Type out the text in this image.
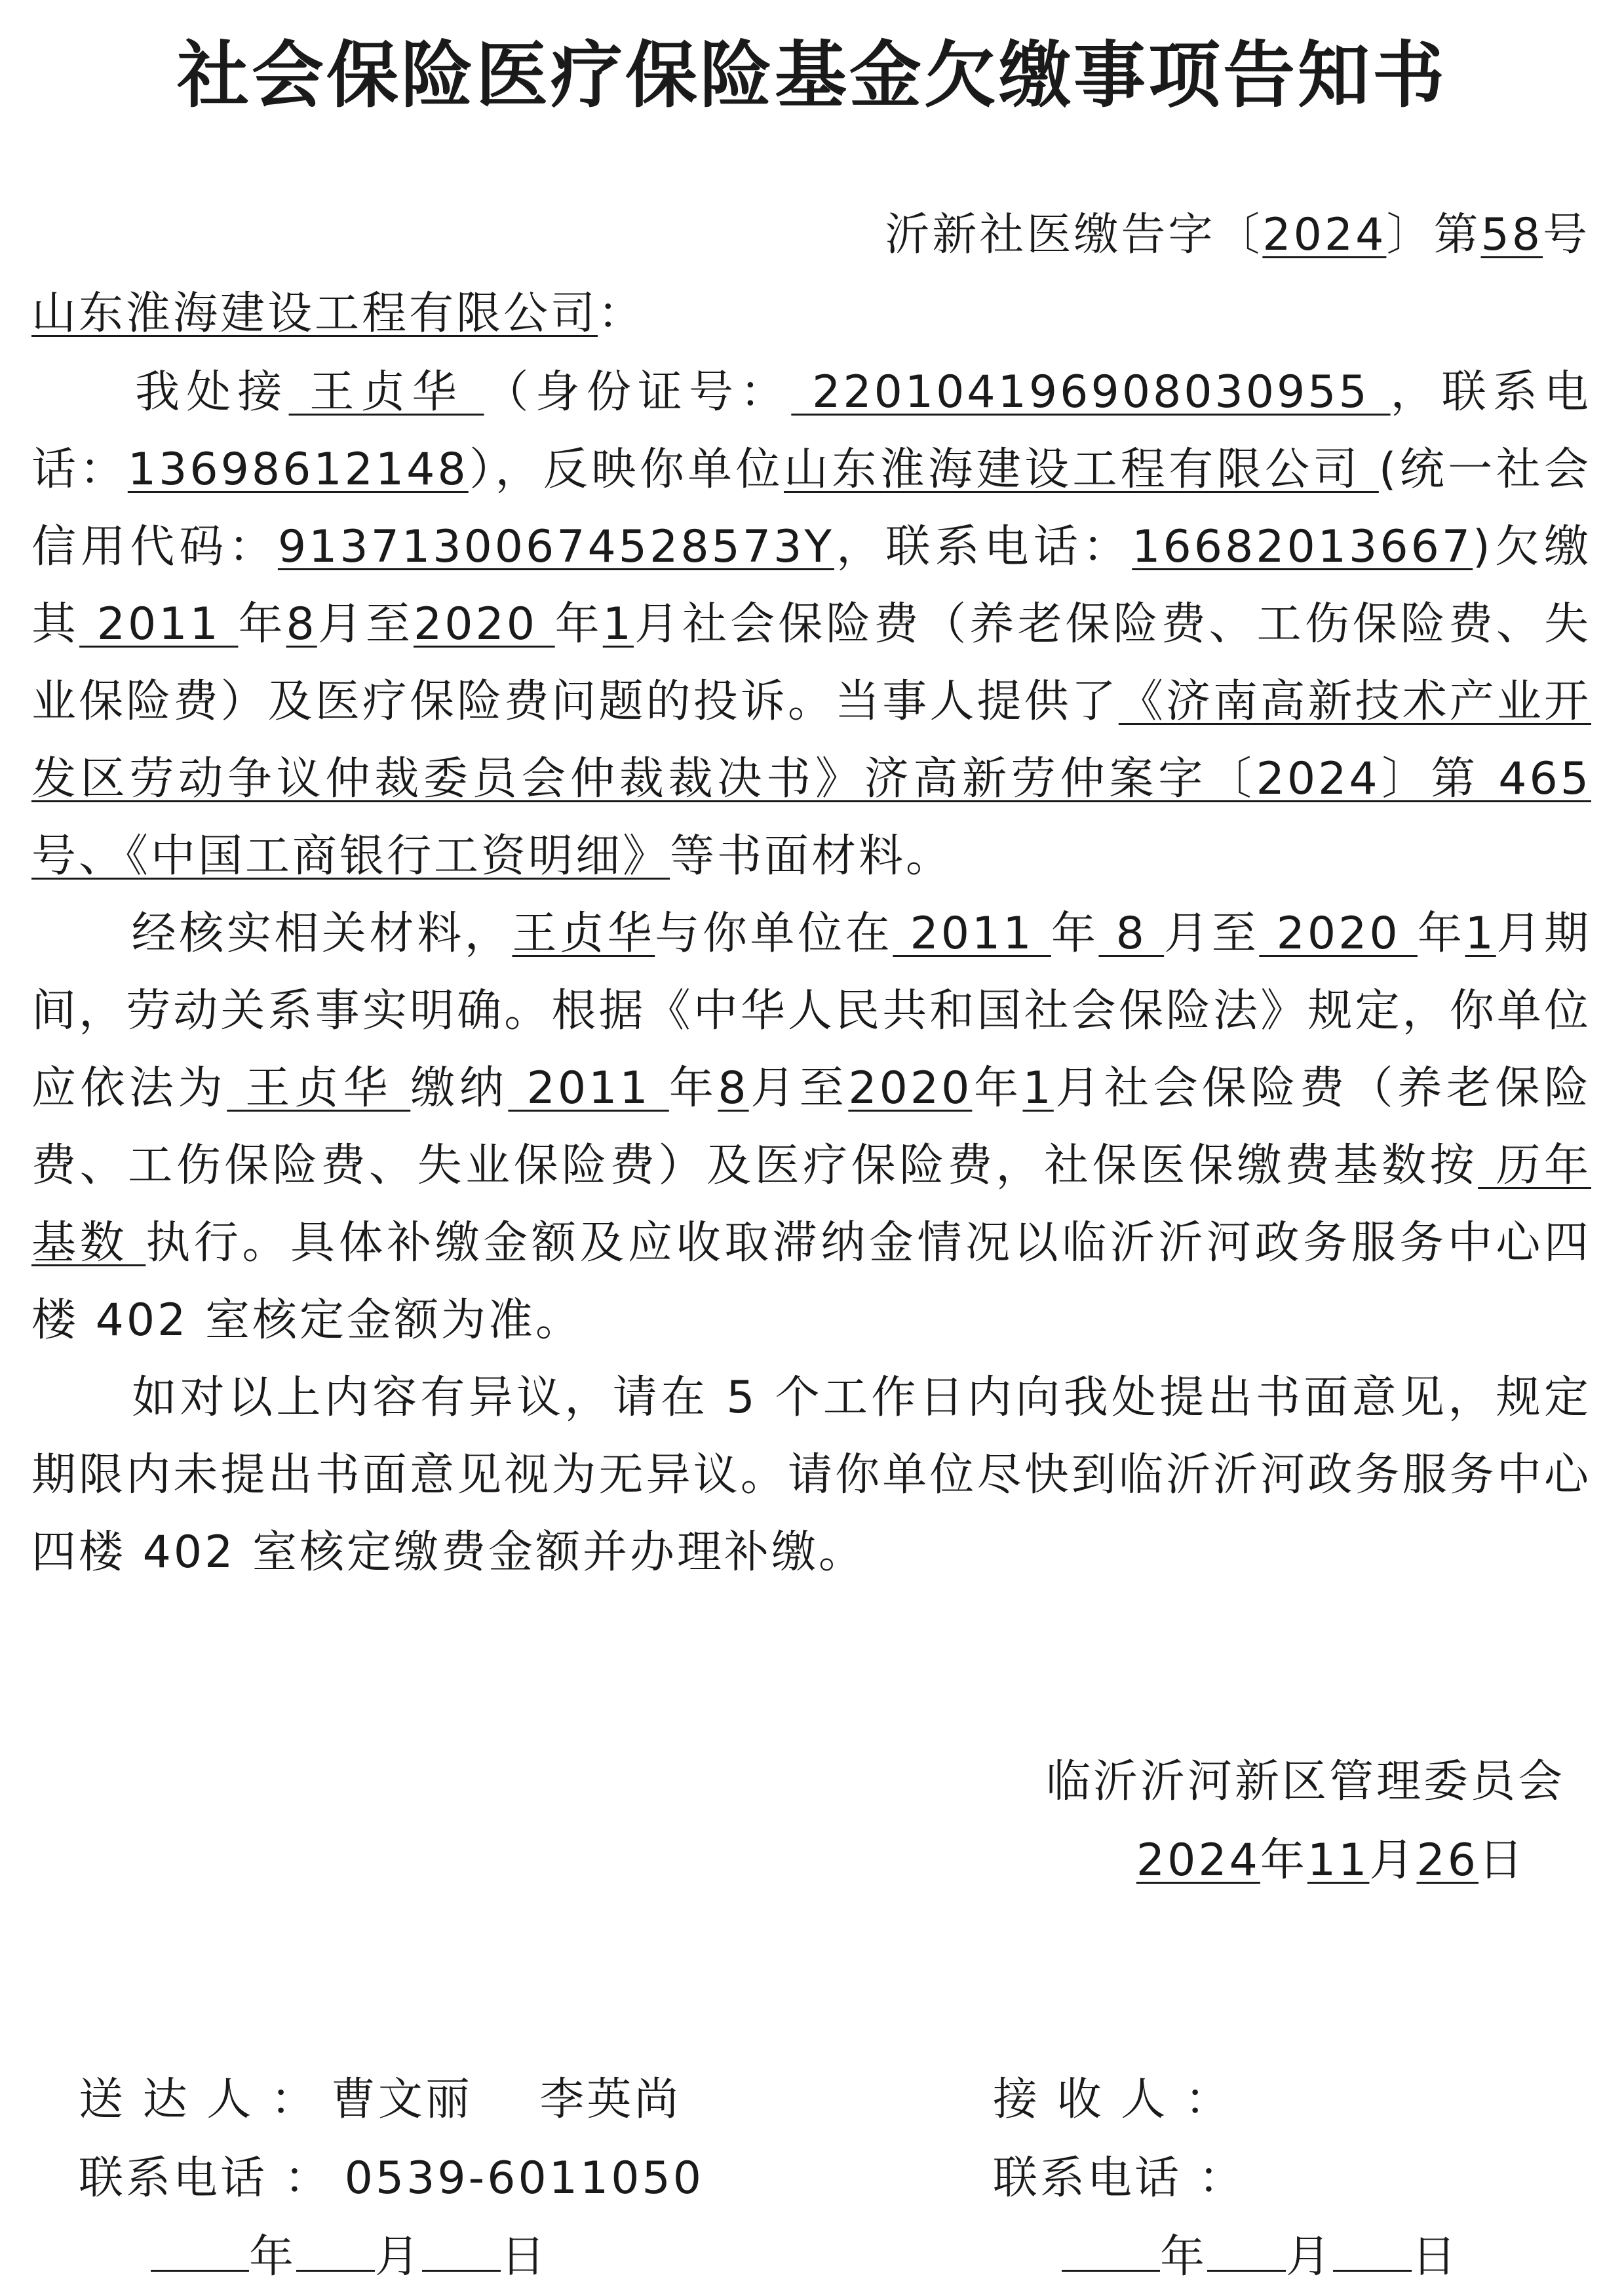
社会保险医疗保险基金欠缴事项告知书
沂新社医缴告字〔2024〕第58号
山东淮海建设工程有限公司：
我处接 王贞华 （身份证号： 220104196908030955 ，联系电话：13698612148），反映你单位山东淮海建设工程有限公司 (统一社会信用代码：91371300674528573Y，联系电话：16682013667)欠缴其 2011 年8月至2020 年1月社会保险费（养老保险费、工伤保险费、失业保险费）及医疗保险费问题的投诉。当事人提供了《济南高新技术产业开发区劳动争议仲裁委员会仲裁裁决书》济高新劳仲案字〔2024〕第 465 号、《中国工商银行工资明细》等书面材料。
经核实相关材料，王贞华与你单位在 2011 年 8 月至 2020 年1月期间，劳动关系事实明确。根据《中华人民共和国社会保险法》规定，你单位应依法为 王贞华 缴纳 2011 年8月至2020年1月社会保险费（养老保险费、工伤保险费、失业保险费）及医疗保险费，社保医保缴费基数按 历年基数 执行。具体补缴金额及应收取滞纳金情况以临沂沂河政务服务中心四楼 402 室核定金额为准。
如对以上内容有异议，请在 5 个工作日内向我处提出书面意见，规定期限内未提出书面意见视为无异议。请你单位尽快到临沂沂河政务服务中心四楼 402 室核定缴费金额并办理补缴。
临沂沂河新区管理委员会
2024年11月26日
送 达 人 ： 曹文丽    李英尚
联系电话 ： 0539-6011050
年 月 日
接 收 人 ：
联系电话 ：
年 月 日
